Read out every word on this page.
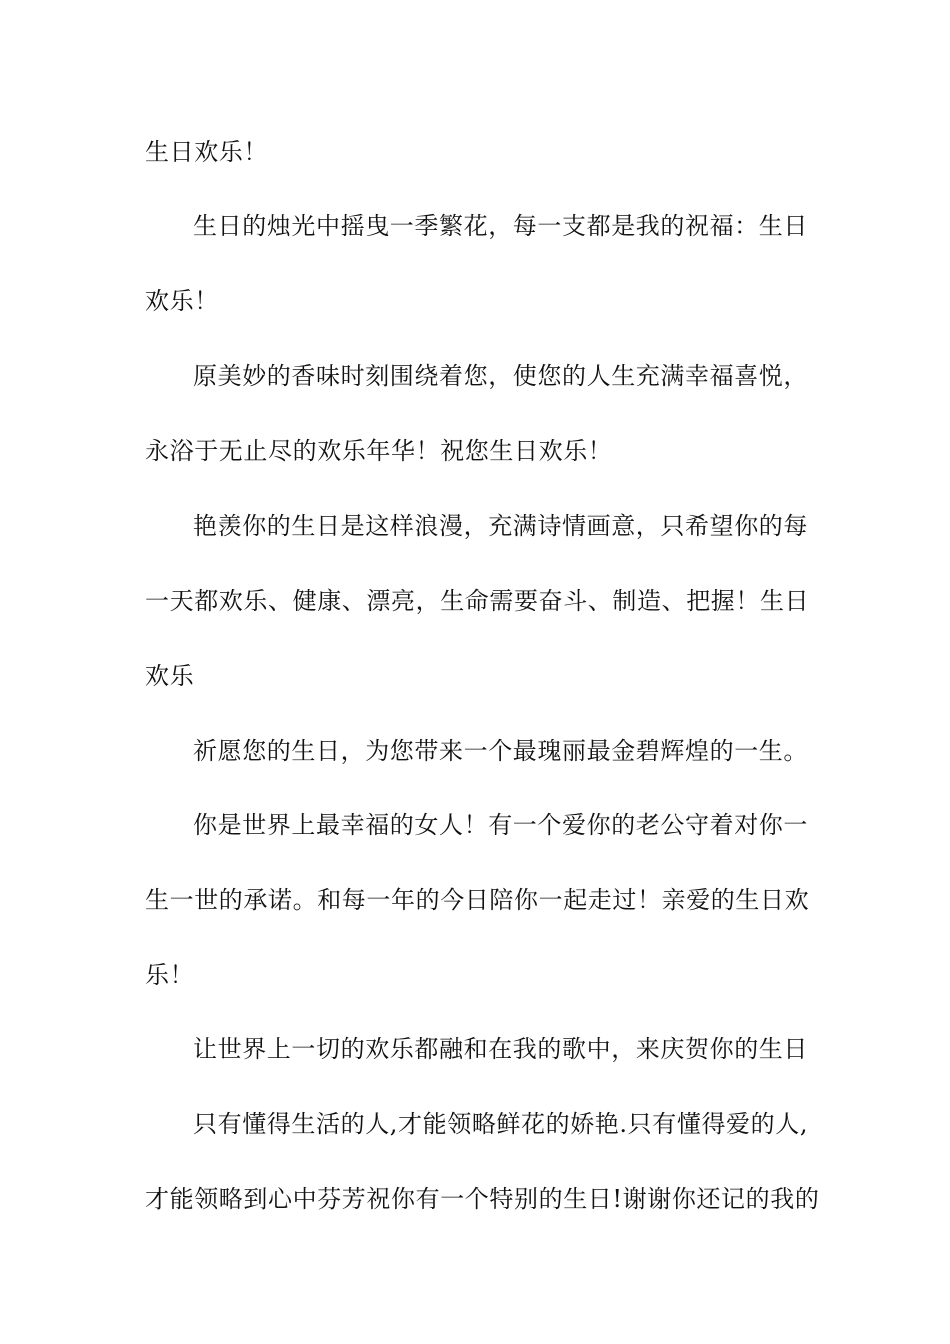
生日欢乐！
生日的烛光中摇曳一季繁花，每一支都是我的祝福：生日
欢乐！
原美妙的香味时刻围绕着您，使您的人生充满幸福喜悦，
永浴于无止尽的欢乐年华！祝您生日欢乐！
艳羡你的生日是这样浪漫，充满诗情画意，只希望你的每
一天都欢乐、健康、漂亮，生命需要奋斗、制造、把握！生日
欢乐
祈愿您的生日，为您带来一个最瑰丽最金碧辉煌的一生。
你是世界上最幸福的女人！有一个爱你的老公守着对你一
生一世的承诺。和每一年的今日陪你一起走过！亲爱的生日欢
乐！
让世界上一切的欢乐都融和在我的歌中，来庆贺你的生日
只有懂得生活的人,才能领略鲜花的娇艳.只有懂得爱的人,
才能领略到心中芬芳祝你有一个特别的生日!谢谢你还记的我的
